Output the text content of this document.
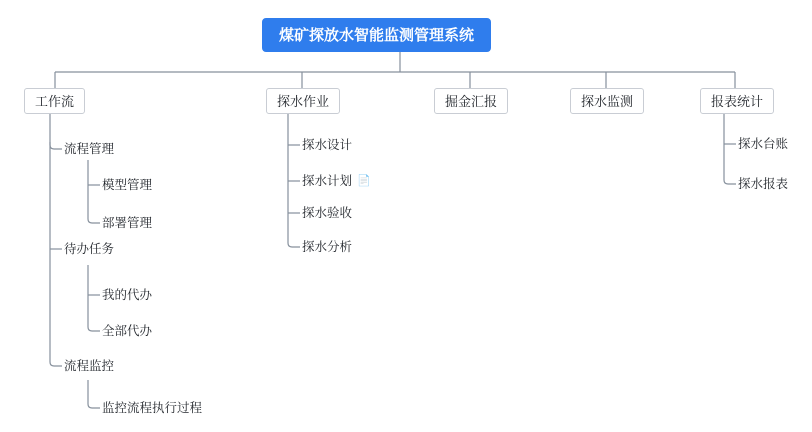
煤矿探放水智能监测管理系统
工作流	探水作业	掘金汇报	探水监测	报表统计
流程管理
模型管理
部署管理
待办任务
我的代办
全部代办
流程监控
监控流程执行过程
探水设计
探水计划 📄
探水验收
探水分析
探水台账
探水报表
